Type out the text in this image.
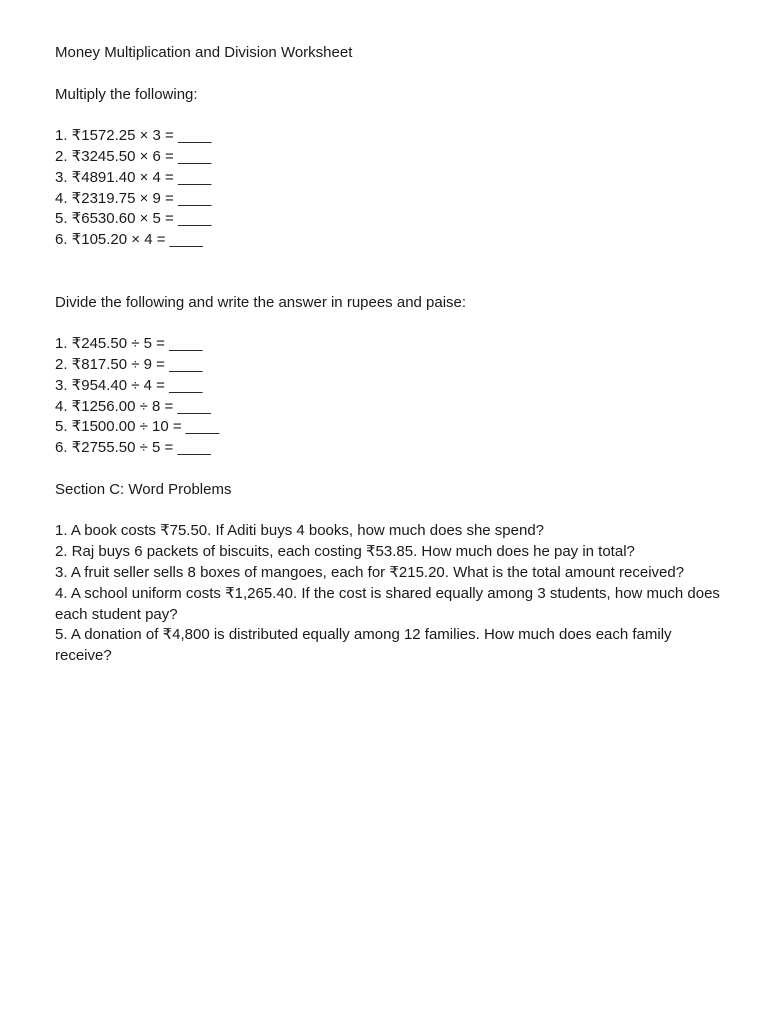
Money Multiplication and Division Worksheet

Multiply the following:

1. ₹1572.25 × 3 = ____
2. ₹3245.50 × 6 = ____
3. ₹4891.40 × 4 = ____
4. ₹2319.75 × 9 = ____
5. ₹6530.60 × 5 = ____
6. ₹105.20 × 4 = ____

Divide the following and write the answer in rupees and paise:

1. ₹245.50 ÷ 5 = ____
2. ₹817.50 ÷ 9 = ____
3. ₹954.40 ÷ 4 = ____
4. ₹1256.00 ÷ 8 = ____
5. ₹1500.00 ÷ 10 = ____
6. ₹2755.50 ÷ 5 = ____

Section C: Word Problems

1. A book costs ₹75.50. If Aditi buys 4 books, how much does she spend?
2. Raj buys 6 packets of biscuits, each costing ₹53.85. How much does he pay in total?
3. A fruit seller sells 8 boxes of mangoes, each for ₹215.20. What is the total amount received?
4. A school uniform costs ₹1,265.40. If the cost is shared equally among 3 students, how much does each student pay?
5. A donation of ₹4,800 is distributed equally among 12 families. How much does each family receive?
